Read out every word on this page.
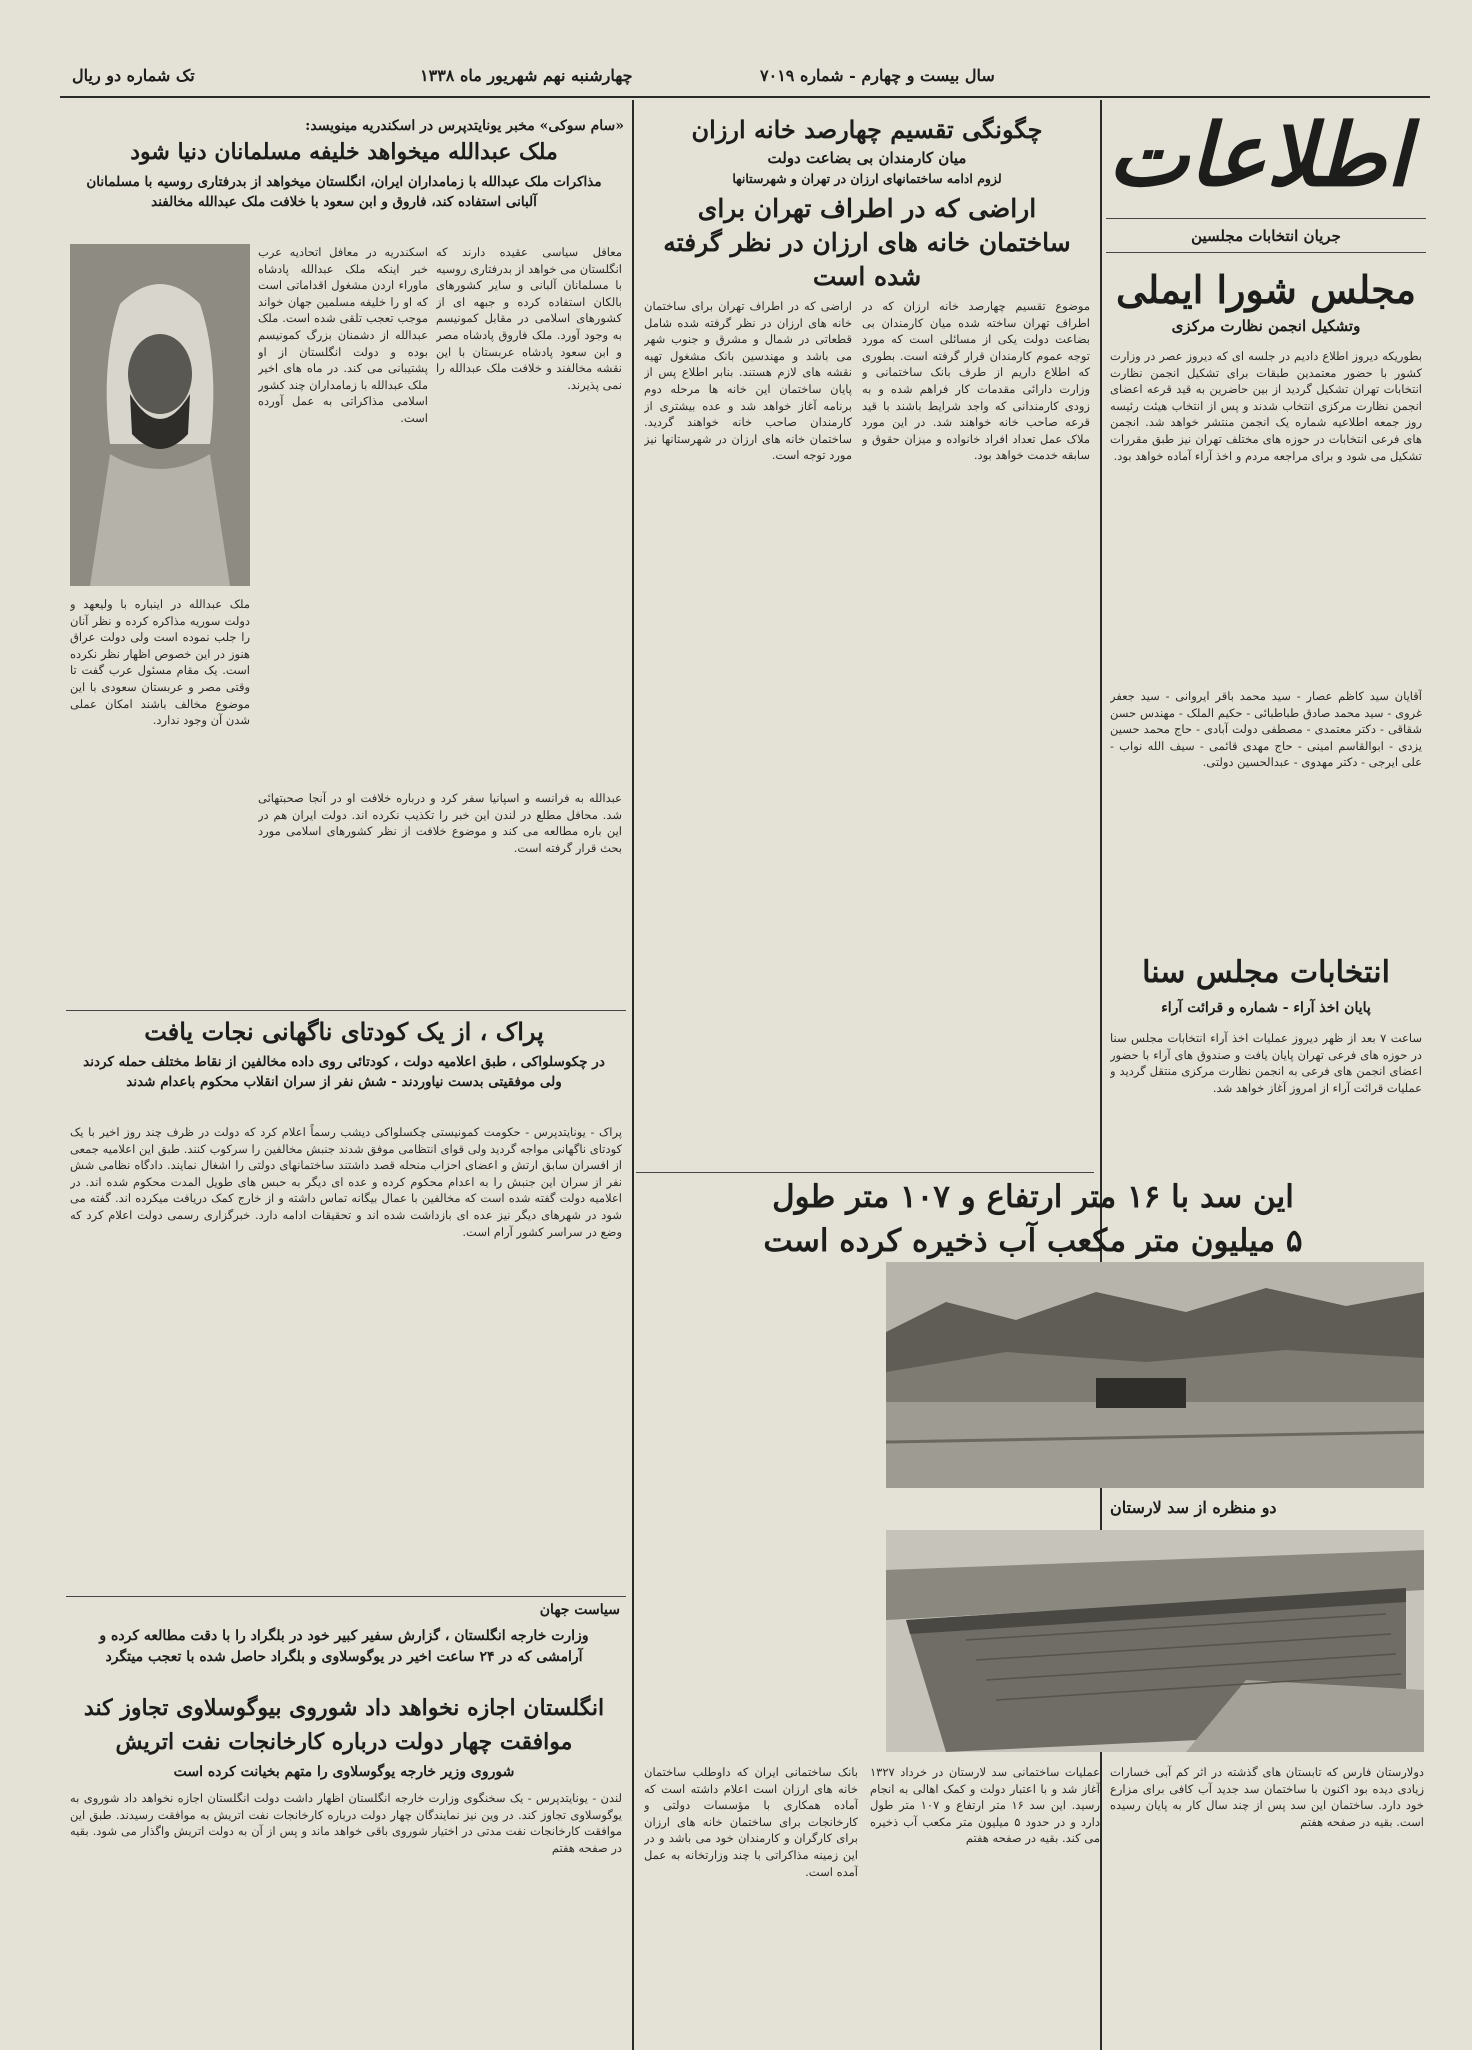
تک شماره دو ریال	چهارشنبه نهم شهریور ماه ۱۳۳۸	سال بیست و چهارم - شماره ۷۰۱۹
اطلاعات
جریان انتخابات مجلسین
مجلس شورا ایملی
وتشکیل انجمن نظارت مرکزی
بطوریکه دیروز اطلاع دادیم در جلسه ای که دیروز عصر در وزارت کشور با حضور معتمدین طبقات برای تشکیل انجمن نظارت انتخابات تهران تشکیل گردید از بین حاضرین به قید قرعه اعضای انجمن نظارت مرکزی انتخاب شدند و پس از انتخاب هیئت رئیسه روز جمعه اطلاعیه شماره یک انجمن منتشر خواهد شد. انجمن های فرعی انتخابات در حوزه های مختلف تهران نیز طبق مقررات تشکیل می شود و برای مراجعه مردم و اخذ آراء آماده خواهد بود.
آقایان سید کاظم عصار - سید محمد باقر ایروانی - سید جعفر غروی - سید محمد صادق طباطبائی - حکیم الملک - مهندس حسن شقاقی - دکتر معتمدی - مصطفی دولت آبادی - حاج محمد حسین یزدی - ابوالقاسم امینی - حاج مهدی قائمی - سیف الله نواب - علی ایرجی - دکتر مهدوی - عبدالحسین دولتی.
انتخابات مجلس سنا
پایان اخذ آراء - شماره و قرائت آراء
ساعت ۷ بعد از ظهر دیروز عملیات اخذ آراء انتخابات مجلس سنا در حوزه های فرعی تهران پایان یافت و صندوق های آراء با حضور اعضای انجمن های فرعی به انجمن نظارت مرکزی منتقل گردید و عملیات قرائت آراء از امروز آغاز خواهد شد.
این سد با ۱۶ متر ارتفاع و ۱۰۷ متر طول
۵ میلیون متر مکعب آب ذخیره کرده است
دو منظره از سد لارستان
دولارستان فارس که تابستان های گذشته در اثر کم آبی خسارات زیادی دیده بود اکنون با ساختمان سد جدید آب کافی برای مزارع خود دارد. ساختمان این سد پس از چند سال کار به پایان رسیده است. بقیه در صفحه هفتم
عملیات ساختمانی سد لارستان در خرداد ۱۳۲۷ آغاز شد و با اعتبار دولت و کمک اهالی به انجام رسید. این سد ۱۶ متر ارتفاع و ۱۰۷ متر طول دارد و در حدود ۵ میلیون متر مکعب آب ذخیره می کند. بقیه در صفحه هفتم
چگونگی تقسیم چهارصد خانه ارزان
میان کارمندان بی بضاعت دولت
لزوم ادامه ساختمانهای ارزان در تهران و شهرستانها
اراضی که در اطراف تهران برای ساختمان خانه های ارزان در نظر گرفته شده است
موضوع تقسیم چهارصد خانه ارزان که در اطراف تهران ساخته شده میان کارمندان بی بضاعت دولت یکی از مسائلی است که مورد توجه عموم کارمندان قرار گرفته است. بطوری که اطلاع داریم از طرف بانک ساختمانی و وزارت دارائی مقدمات کار فراهم شده و به زودی کارمندانی که واجد شرایط باشند با قید قرعه صاحب خانه خواهند شد. در این مورد ملاک عمل تعداد افراد خانواده و میزان حقوق و سابقه خدمت خواهد بود.
اراضی که در اطراف تهران برای ساختمان خانه های ارزان در نظر گرفته شده شامل قطعاتی در شمال و مشرق و جنوب شهر می باشد و مهندسین بانک مشغول تهیه نقشه های لازم هستند. بنابر اطلاع پس از پایان ساختمان این خانه ها مرحله دوم برنامه آغاز خواهد شد و عده بیشتری از کارمندان صاحب خانه خواهند گردید. ساختمان خانه های ارزان در شهرستانها نیز مورد توجه است.
بانک ساختمانی ایران که داوطلب ساختمان خانه های ارزان است اعلام داشته است که آماده همکاری با مؤسسات دولتی و کارخانجات برای ساختمان خانه های ارزان برای کارگران و کارمندان خود می باشد و در این زمینه مذاکراتی با چند وزارتخانه به عمل آمده است.
«سام سوکی» مخبر یونایتدپرس در اسکندریه مینویسد:
ملک عبدالله میخواهد خلیفه مسلمانان دنیا شود
مذاکرات ملک عبدالله با زمامداران ایران، انگلستان میخواهد از بدرفتاری روسیه با مسلمانان آلبانی استفاده کند، فاروق و ابن سعود با خلافت ملک عبدالله مخالفند
اسکندریه در معافل اتحادیه عرب خبر اینکه ملک عبدالله پادشاه ماوراء اردن مشغول اقداماتی است که او را خلیفه مسلمین جهان خواند موجب تعجب تلقی شده است. ملک عبدالله از دشمنان بزرگ کمونیسم بوده و دولت انگلستان از او پشتیبانی می کند. در ماه های اخیر ملک عبدالله با زمامداران چند کشور اسلامی مذاکراتی به عمل آورده است.
معافل سیاسی عقیده دارند که انگلستان می خواهد از بدرفتاری روسیه با مسلمانان آلبانی و سایر کشورهای بالکان استفاده کرده و جبهه ای از کشورهای اسلامی در مقابل کمونیسم به وجود آورد. ملک فاروق پادشاه مصر و ابن سعود پادشاه عربستان با این نقشه مخالفند و خلافت ملک عبدالله را نمی پذیرند.
ملک عبدالله در اینباره با ولیعهد و دولت سوریه مذاکره کرده و نظر آنان را جلب نموده است ولی دولت عراق هنوز در این خصوص اظهار نظر نکرده است. یک مقام مسئول عرب گفت تا وقتی مصر و عربستان سعودی با این موضوع مخالف باشند امکان عملی شدن آن وجود ندارد.
عبدالله به فرانسه و اسپانیا سفر کرد و درباره خلافت او در آنجا صحبتهائی شد. محافل مطلع در لندن این خبر را تکذیب نکرده اند. دولت ایران هم در این باره مطالعه می کند و موضوع خلافت از نظر کشورهای اسلامی مورد بحث قرار گرفته است.
پراک ، از یک کودتای ناگهانی نجات یافت
در چکوسلواکی ، طبق اعلامیه دولت ، کودتائی روی داده مخالفین از نقاط مختلف حمله کردند ولی موفقیتی بدست نیاوردند - شش نفر از سران انقلاب محکوم باعدام شدند
پراک - یونایتدپرس - حکومت کمونیستی چکسلواکی دیشب رسماً اعلام کرد که دولت در ظرف چند روز اخیر با یک کودتای ناگهانی مواجه گردید ولی قوای انتظامی موفق شدند جنبش مخالفین را سرکوب کنند. طبق این اعلامیه جمعی از افسران سابق ارتش و اعضای احزاب منحله قصد داشتند ساختمانهای دولتی را اشغال نمایند. دادگاه نظامی شش نفر از سران این جنبش را به اعدام محکوم کرده و عده ای دیگر به حبس های طویل المدت محکوم شده اند. در اعلامیه دولت گفته شده است که مخالفین با عمال بیگانه تماس داشته و از خارج کمک دریافت میکرده اند. گفته می شود در شهرهای دیگر نیز عده ای بازداشت شده اند و تحقیقات ادامه دارد. خبرگزاری رسمی دولت اعلام کرد که وضع در سراسر کشور آرام است.
سیاست جهان
وزارت خارجه انگلستان ، گزارش سفیر کبیر خود در بلگراد را با دقت مطالعه کرده و آرامشی که در ۲۴ ساعت اخیر در یوگوسلاوی و بلگراد حاصل شده با تعجب میتگرد
انگلستان اجازه نخواهد داد شوروی بیوگوسلاوی تجاوز کند
موافقت چهار دولت درباره کارخانجات نفت اتریش
شوروی وزیر خارجه یوگوسلاوی را متهم بخیانت کرده است
لندن - یونایتدپرس - یک سخنگوی وزارت خارجه انگلستان اظهار داشت دولت انگلستان اجازه نخواهد داد شوروی به یوگوسلاوی تجاوز کند. در وین نیز نمایندگان چهار دولت درباره کارخانجات نفت اتریش به موافقت رسیدند. طبق این موافقت کارخانجات نفت مدتی در اختیار شوروی باقی خواهد ماند و پس از آن به دولت اتریش واگذار می شود. بقیه در صفحه هفتم
